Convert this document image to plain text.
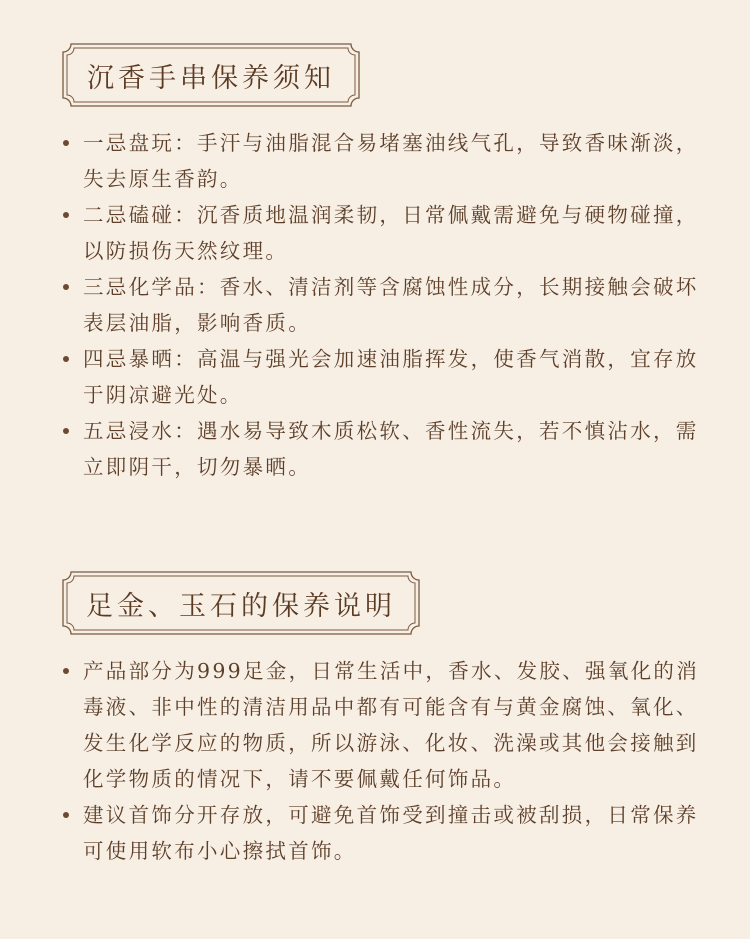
沉香手串保养须知
一忌盘玩：手汗与油脂混合易堵塞油线气孔，导致香味渐淡，失去原生香韵。
二忌磕碰：沉香质地温润柔韧，日常佩戴需避免与硬物碰撞，以防损伤天然纹理。
三忌化学品：香水、清洁剂等含腐蚀性成分，长期接触会破坏表层油脂，影响香质。
四忌暴晒：高温与强光会加速油脂挥发，使香气消散，宜存放于阴凉避光处。
五忌浸水：遇水易导致木质松软、香性流失，若不慎沾水，需立即阴干，切勿暴晒。
足金、玉石的保养说明
产品部分为999足金，日常生活中，香水、发胶、强氧化的消毒液、非中性的清洁用品中都有可能含有与黄金腐蚀、氧化、发生化学反应的物质，所以游泳、化妆、洗澡或其他会接触到化学物质的情况下，请不要佩戴任何饰品。
建议首饰分开存放，可避免首饰受到撞击或被刮损，日常保养可使用软布小心擦拭首饰。
